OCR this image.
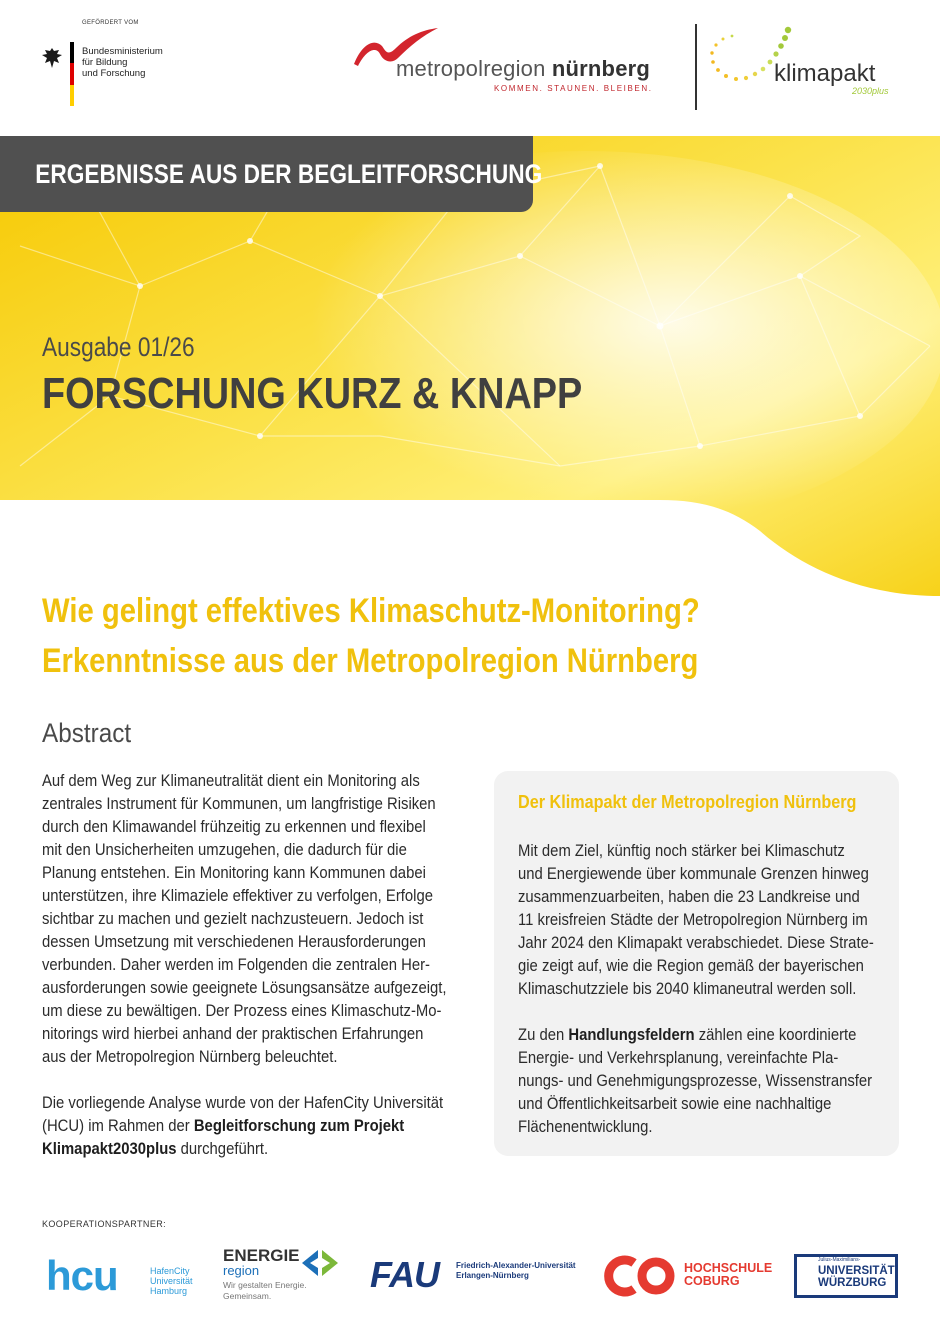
GEFÖRDERT VOM
Bundesministerium
für Bildung
und Forschung	metropolregion nürnberg
KOMMEN. STAUNEN. BLEIBEN.
klimapakt
2030plus
ERGEBNISSE AUS DER BEGLEITFORSCHUNG
Ausgabe 01/26
FORSCHUNG KURZ & KNAPP
Wie gelingt effektives Klimaschutz-Monitoring?
Erkenntnisse aus der Metropolregion Nürnberg
Abstract

Auf dem Weg zur Klimaneutralität dient ein Monitoring als

zentrales Instrument für Kommunen, um langfristige Risiken

durch den Klimawandel frühzeitig zu erkennen und flexibel

mit den Unsicherheiten umzugehen, die dadurch für die

Planung entstehen. Ein Monitoring kann Kommunen dabei

unterstützen, ihre Klimaziele effektiver zu verfolgen, Erfolge

sichtbar zu machen und gezielt nachzusteuern. Jedoch ist

dessen Umsetzung mit verschiedenen Herausforderungen

verbunden. Daher werden im Folgenden die zentralen Her-

ausforderungen sowie geeignete Lösungsansätze aufgezeigt,

um diese zu bewältigen. Der Prozess eines Klimaschutz-Mo-

nitorings wird hierbei anhand der praktischen Erfahrungen

aus der Metropolregion Nürnberg beleuchtet.

Die vorliegende Analyse wurde von der HafenCity Universität

(HCU) im Rahmen der Begleitforschung zum Projekt

Klimapakt2030plus durchgeführt.

Der Klimapakt der Metropolregion Nürnberg

Mit dem Ziel, künftig noch stärker bei Klimaschutz

und Energiewende über kommunale Grenzen hinweg

zusammenzuarbeiten, haben die 23 Landkreise und

11 kreisfreien Städte der Metropolregion Nürnberg im

Jahr 2024 den Klimapakt verabschiedet. Diese Strate-

gie zeigt auf, wie die Region gemäß der bayerischen

Klimaschutzziele bis 2040 klimaneutral werden soll.

Zu den Handlungsfeldern zählen eine koordinierte

Energie- und Verkehrsplanung, vereinfachte Pla-

nungs- und Genehmigungsprozesse, Wissenstransfer

und Öffentlichkeitsarbeit sowie eine nachhaltige

Flächenentwicklung.

KOOPERATIONSPARTNER:
hcu	HafenCity
Universität
Hamburg
ENERGIE
region
Wir gestalten Energie.
Gemeinsam.
FAU Friedrich-Alexander-Universität
Erlangen-Nürnberg
HOCHSCHULE
COBURG
Julius-Maximilians-
UNIVERSITÄT
WÜRZBURG
